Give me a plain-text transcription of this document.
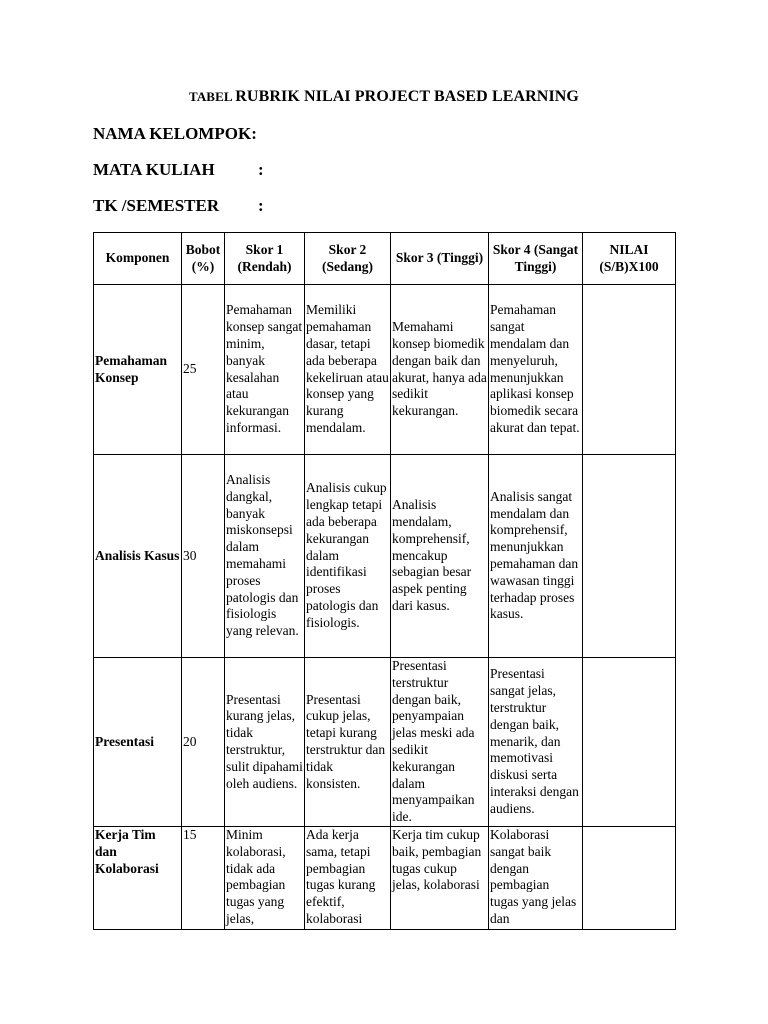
TABEL RUBRIK NILAI PROJECT BASED LEARNING
NAMA KELOMPOK:
MATA KULIAH	:
TK /SEMESTER :
Komponen	Bobot (%)	Skor 1 (Rendah)	Skor 2 (Sedang)	Skor 3 (Tinggi)	Skor 4 (Sangat Tinggi)	NILAI (S/B)X100
Pemahaman Konsep	25	Pemahaman konsep sangat minim, banyak kesalahan atau kekurangan informasi.	Memiliki pemahaman dasar, tetapi ada beberapa kekeliruan atau konsep yang kurang mendalam.	Memahami konsep biomedik dengan baik dan akurat, hanya ada sedikit kekurangan.	Pemahaman sangat mendalam dan menyeluruh, menunjukkan aplikasi konsep biomedik secara akurat dan tepat.	
Analisis Kasus	30	Analisis dangkal, banyak miskonsepsi dalam memahami proses patologis dan fisiologis yang relevan.	Analisis cukup lengkap tetapi ada beberapa kekurangan dalam identifikasi proses patologis dan fisiologis.	Analisis mendalam, komprehensif, mencakup sebagian besar aspek penting dari kasus.	Analisis sangat mendalam dan komprehensif, menunjukkan pemahaman dan wawasan tinggi terhadap proses kasus.	
Presentasi	20	Presentasi kurang jelas, tidak terstruktur, sulit dipahami oleh audiens.	Presentasi cukup jelas, tetapi kurang terstruktur dan tidak konsisten.	Presentasi terstruktur dengan baik, penyampaian jelas meski ada sedikit kekurangan dalam menyampaikan ide.	Presentasi sangat jelas, terstruktur dengan baik, menarik, dan memotivasi diskusi serta interaksi dengan audiens.	
Kerja Tim dan Kolaborasi	15	Minim kolaborasi, tidak ada pembagian tugas yang jelas,	Ada kerja sama, tetapi pembagian tugas kurang efektif, kolaborasi	Kerja tim cukup baik, pembagian tugas cukup jelas, kolaborasi	Kolaborasi sangat baik dengan pembagian tugas yang jelas dan	
